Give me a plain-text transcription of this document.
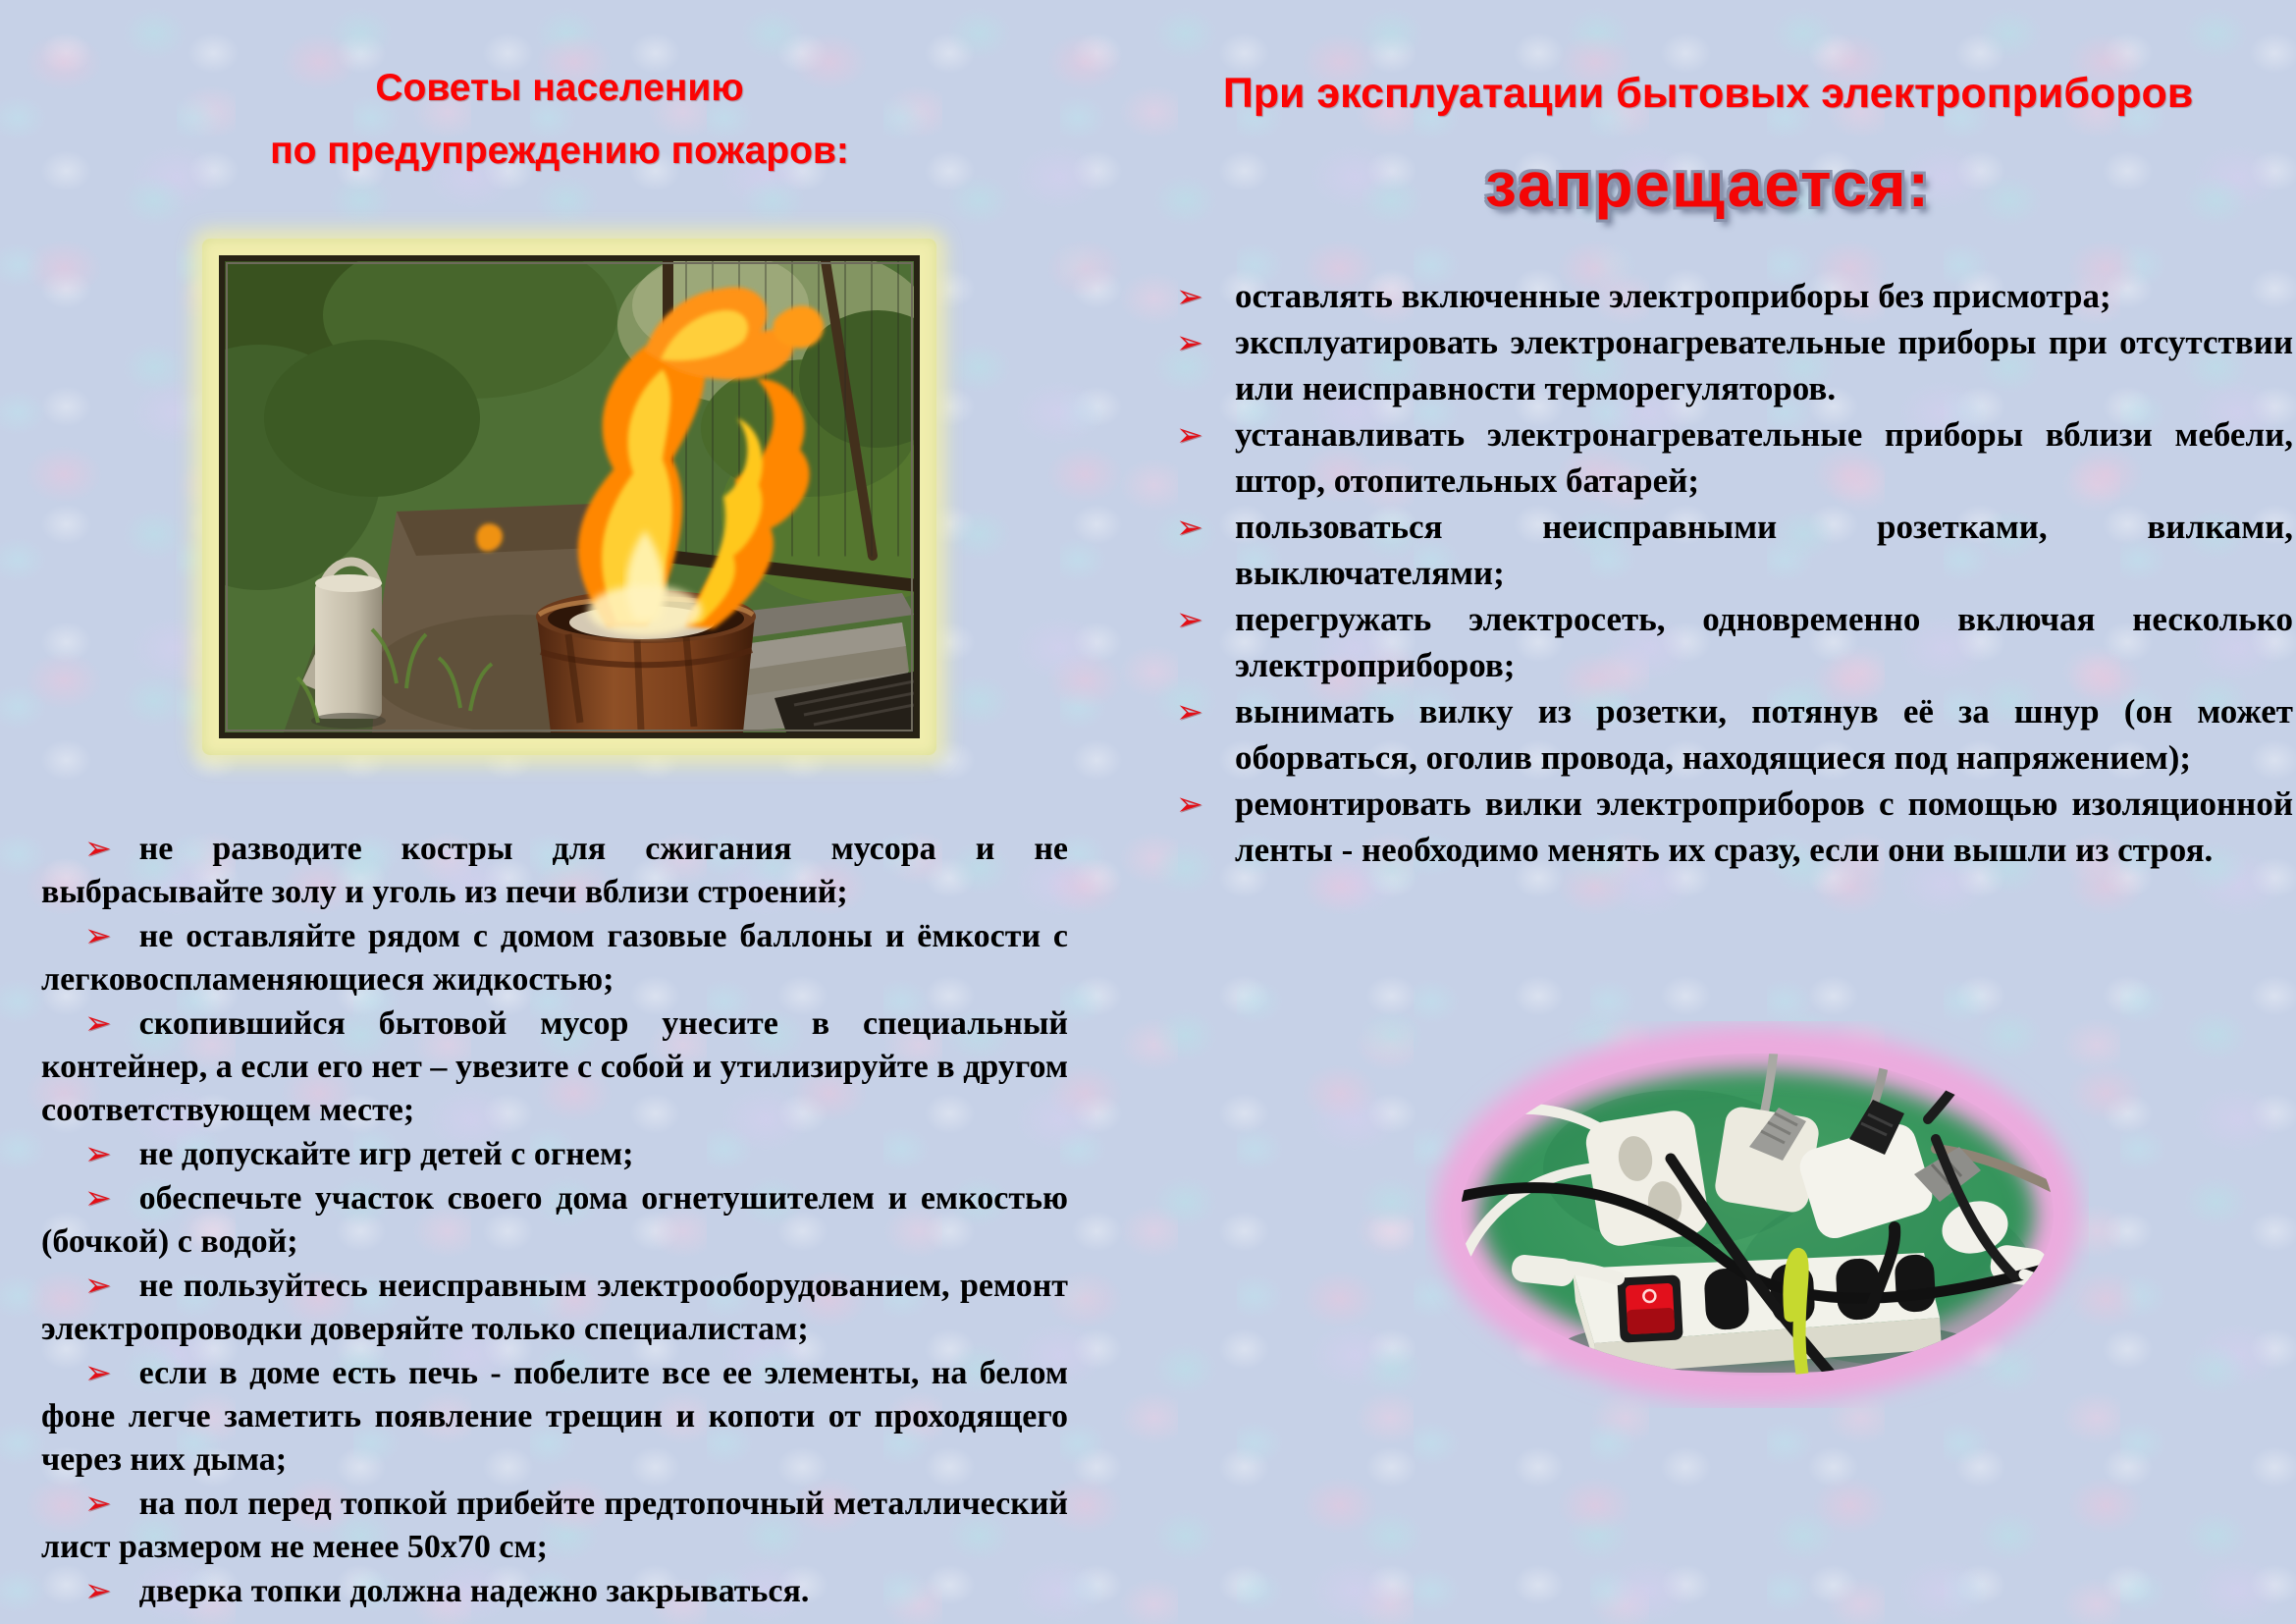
Советы населению
по предупреждению пожаров:

➢ не разводите костры для сжигания мусора и не выбрасывайте золу и уголь из печи вблизи строений;

➢ не оставляйте рядом с домом газовые баллоны и ёмкости с легковоспламеняющиеся жидкостью;

➢ скопившийся бытовой мусор унесите в специальный контейнер, а если его нет – увезите с собой и утилизируйте в другом соответствующем месте;

➢ не допускайте игр детей с огнем;

➢ обеспечьте участок своего дома огнетушителем и емкостью (бочкой) с водой;

➢ не пользуйтесь неисправным электрооборудованием, ремонт электропроводки доверяйте только специалистам;

➢ если в доме есть печь - побелите все ее элементы, на белом фоне легче заметить появление трещин и копоти от проходящего через них дыма;

➢ на пол перед топкой прибейте предтопочный металлический лист размером не менее 50x70 см;

➢ дверка топки должна надежно закрываться.

При эксплуатации бытовых электроприборов
запрещается:
➢ оставлять включенные электроприборы без присмотра;
➢ эксплуатировать электронагревательные приборы при отсутствии или неисправности терморегуляторов.
➢ устанавливать электронагревательные приборы вблизи мебели, штор, отопительных батарей;
➢ пользоваться неисправными розетками, вилками, выключателями;
➢ перегружать электросеть, одновременно включая несколько электроприборов;
➢ вынимать вилку из розетки, потянув её за шнур (он может оборваться, оголив провода, находящиеся под напряжением);
➢ ремонтировать вилки электроприборов с помощью изоляционной ленты - необходимо менять их сразу, если они вышли из строя.
